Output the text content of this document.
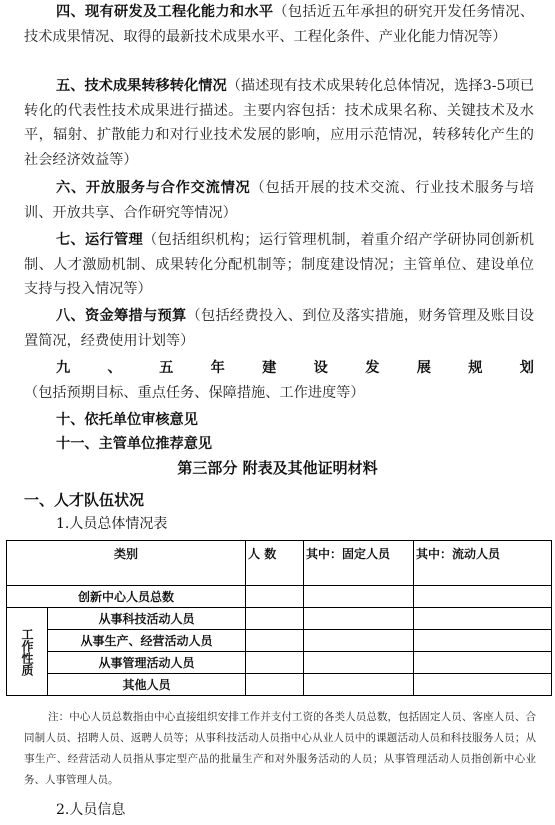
四、现有研发及工程化能力和水平（包括近五年承担的研究开发任务情况、技术成果情况、取得的最新技术成果水平、工程化条件、产业化能力情况等）

五、技术成果转移转化情况（描述现有技术成果转化总体情况，选择3-5项已转化的代表性技术成果进行描述。主要内容包括：技术成果名称、关键技术及水平，辐射、扩散能力和对行业技术发展的影响，应用示范情况，转移转化产生的社会经济效益等）

六、开放服务与合作交流情况（包括开展的技术交流、行业技术服务与培训、开放共享、合作研究等情况）

七、运行管理（包括组织机构；运行管理机制，着重介绍产学研协同创新机制、人才激励机制、成果转化分配机制等；制度建设情况；主管单位、建设单位支持与投入情况等）

八、资金筹措与预算（包括经费投入、到位及落实措施，财务管理及账目设置简况，经费使用计划等）

九、五年建设发展规划（包括预期目标、重点任务、保障措施、工作进度等）

十、依托单位审核意见
十一、主管单位推荐意见
第三部分 附表及其他证明材料
一、人才队伍状况
1.人员总体情况表
类别		人 数	其中：固定人员	其中：流动人员
创新中心人员总数				
工作性质	从事科技活动人员			
	从事生产、经营活动人员			
	从事管理活动人员			
	其他人员			

注：中心人员总数指由中心直接组织安排工作并支付工资的各类人员总数，包括固定人员、客座人员、合同制人员、招聘人员、返聘人员等；从事科技活动人员指中心从业人员中的课题活动人员和科技服务人员；从事生产、经营活动人员指从事定型产品的批量生产和对外服务活动的人员；从事管理活动人员指创新中心业务、人事管理人员。

2.人员信息
